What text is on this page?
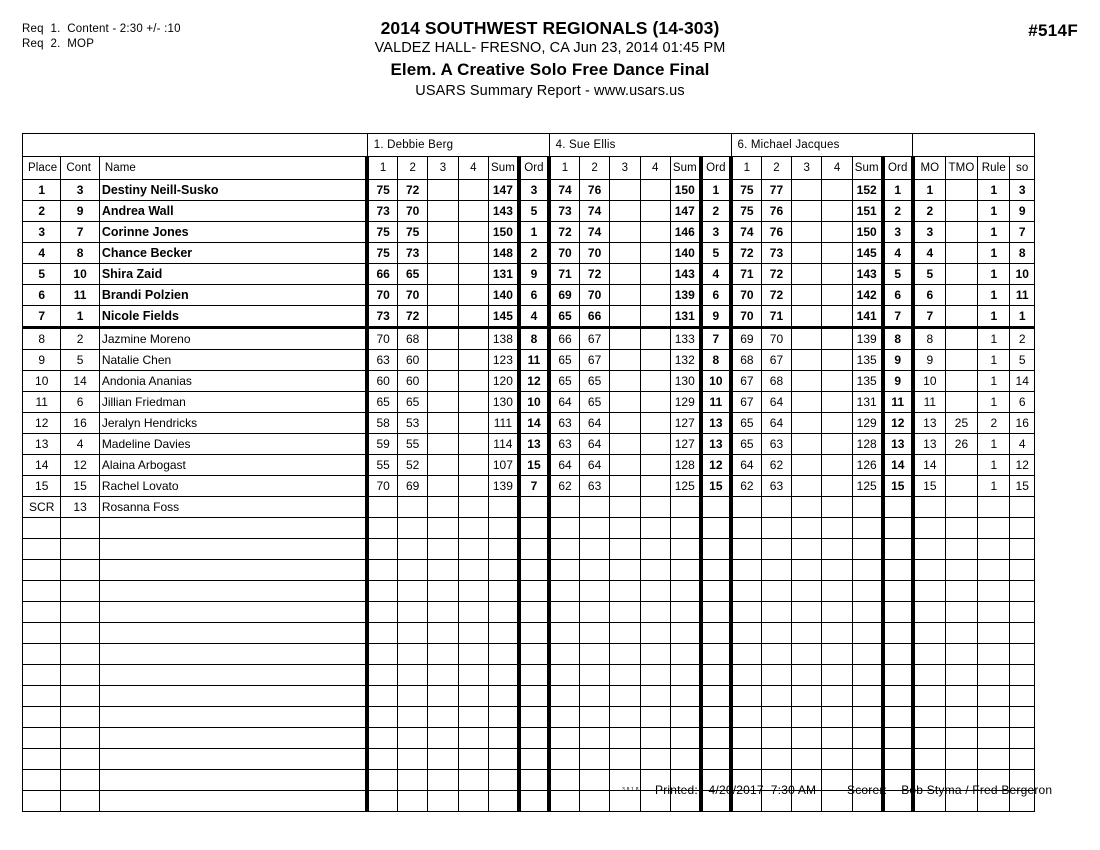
Req  1.  Content - 2:30 +/- :10
Req  2.  MOP
2014 SOUTHWEST REGIONALS (14-303)
VALDEZ HALL- FRESNO, CA Jun 23, 2014 01:45 PM
Elem. A Creative Solo Free Dance Final
USARS Summary Report - www.usars.us
#514F
			1. Debbie Berg						4. Sue Ellis						6. Michael Jacques									
Place	Cont	Name	1	2	3	4	Sum	Ord	1	2	3	4	Sum	Ord	1	2	3	4	Sum	Ord	MO	TMO	Rule	so
1	3	Destiny Neill-Susko	75	72			147	3	74	76			150	1	75	77			152	1	1		1	3
2	9	Andrea Wall	73	70			143	5	73	74			147	2	75	76			151	2	2		1	9
3	7	Corinne Jones	75	75			150	1	72	74			146	3	74	76			150	3	3		1	7
4	8	Chance Becker	75	73			148	2	70	70			140	5	72	73			145	4	4		1	8
5	10	Shira Zaid	66	65			131	9	71	72			143	4	71	72			143	5	5		1	10
6	11	Brandi Polzien	70	70			140	6	69	70			139	6	70	72			142	6	6		1	11
7	1	Nicole Fields	73	72			145	4	65	66			131	9	70	71			141	7	7		1	1
8	2	Jazmine Moreno	70	68			138	8	66	67			133	7	69	70			139	8	8		1	2
9	5	Natalie Chen	63	60			123	11	65	67			132	8	68	67			135	9	9		1	5
10	14	Andonia Ananias	60	60			120	12	65	65			130	10	67	68			135	9	10		1	14
11	6	Jillian Friedman	65	65			130	10	64	65			129	11	67	64			131	11	11		1	6
12	16	Jeralyn Hendricks	58	53			111	14	63	64			127	13	65	64			129	12	13	25	2	16
13	4	Madeline Davies	59	55			114	13	63	64			127	13	65	63			128	13	13	26	1	4
14	12	Alaina Arbogast	55	52			107	15	64	64			128	12	64	62			126	14	14		1	12
15	15	Rachel Lovato	70	69			139	7	62	63			125	15	62	63			125	15	15		1	15
SCR	13	Rosanna Foss																						

3.8.1.8 Printed:   4/20/2017  7:30 AM	Scorer:    Bob Styma / Fred Bergeron
